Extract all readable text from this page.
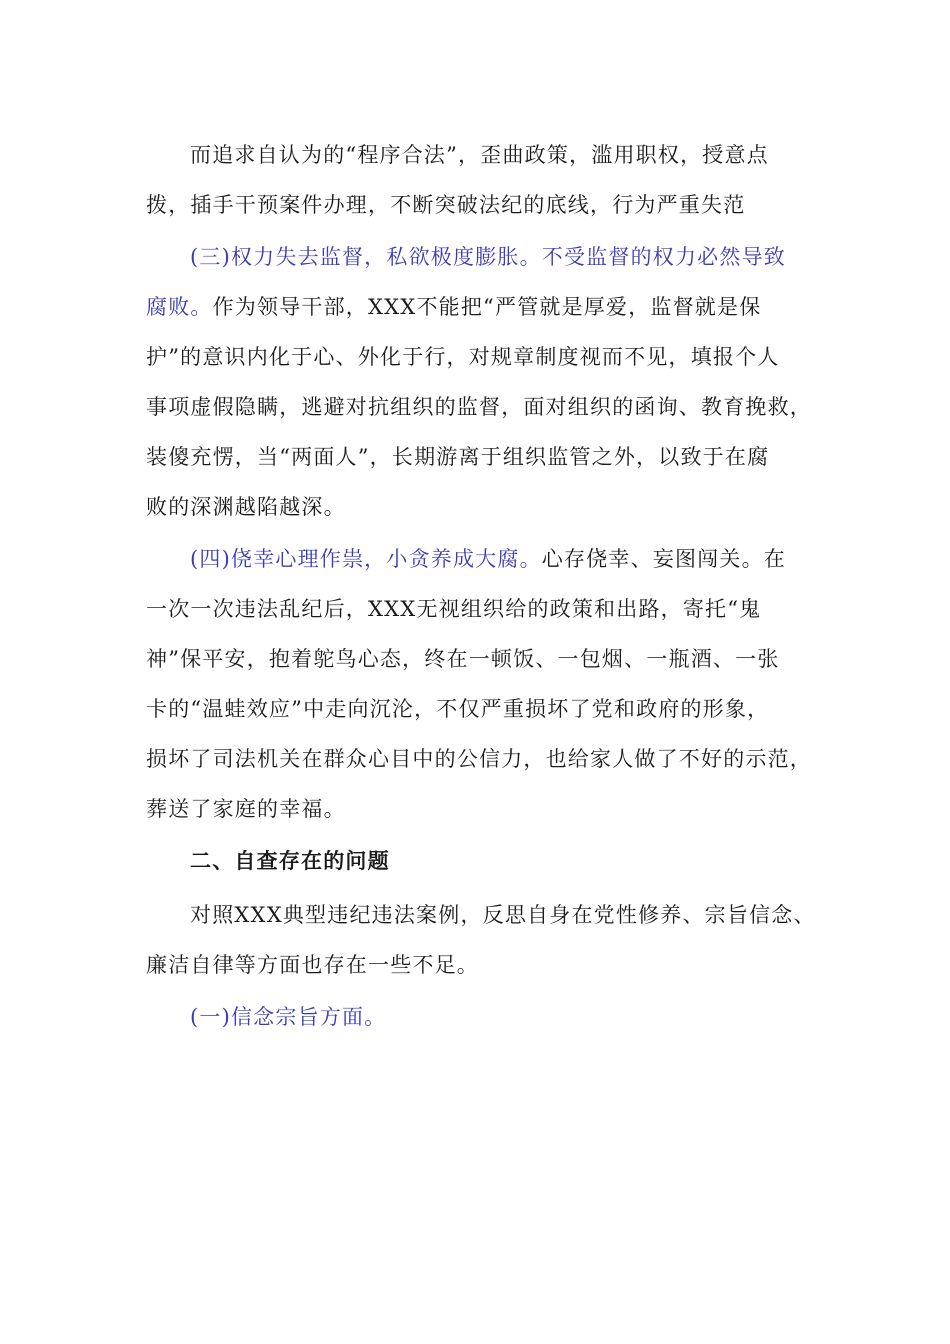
而追求自认为的“程序合法”，歪曲政策，滥用职权，授意点
拨，插手干预案件办理，不断突破法纪的底线，行为严重失范
(三)权力失去监督，私欲极度膨胀。不受监督的权力必然导致
腐败。作为领导干部，XXX不能把“严管就是厚爱，监督就是保
护”的意识内化于心、外化于行，对规章制度视而不见，填报个人
事项虚假隐瞒，逃避对抗组织的监督，面对组织的函询、教育挽救，
装傻充愣，当“两面人”，长期游离于组织监管之外，以致于在腐
败的深渊越陷越深。
(四)侥幸心理作祟，小贪养成大腐。心存侥幸、妄图闯关。在
一次一次违法乱纪后，XXX无视组织给的政策和出路，寄托“鬼
神”保平安，抱着鸵鸟心态，终在一顿饭、一包烟、一瓶酒、一张
卡的“温蛙效应”中走向沉沦，不仅严重损坏了党和政府的形象，
损坏了司法机关在群众心目中的公信力，也给家人做了不好的示范，
葬送了家庭的幸福。
二、自查存在的问题
对照XXX典型违纪违法案例，反思自身在党性修养、宗旨信念、
廉洁自律等方面也存在一些不足。
(一)信念宗旨方面。
